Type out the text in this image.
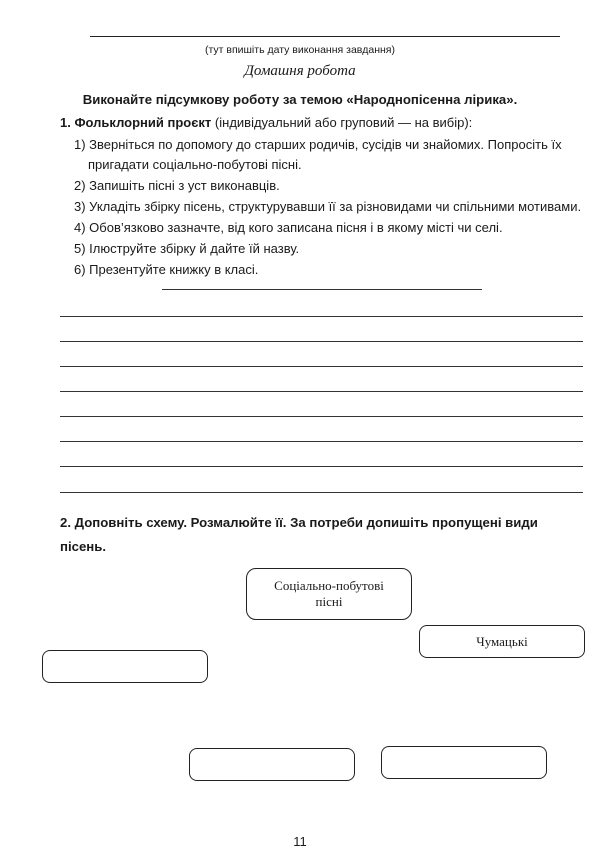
(тут впишіть дату виконання завдання)
Домашня робота
Виконайте підсумкову роботу за темою «Народнопісенна лірика».
1. Фольклорний проєкт (індивідуальний або груповий — на вибір):
1) Зверніться по допомогу до старших родичів, сусідів чи знайомих. Попросіть їх
пригадати соціально-побутові пісні.
2) Запишіть пісні з уст виконавців.
3) Укладіть збірку пісень, структурувавши її за різновидами чи спільними мотивами.
4) Обов’язково зазначте, від кого записана пісня і в якому місті чи селі.
5) Ілюструйте збірку й дайте їй назву.
6) Презентуйте книжку в класі.
2. Доповніть схему. Розмалюйте її. За потреби допишіть пропущені види
пісень.
Соціально-побутові
пісні
Чумацькі
11
